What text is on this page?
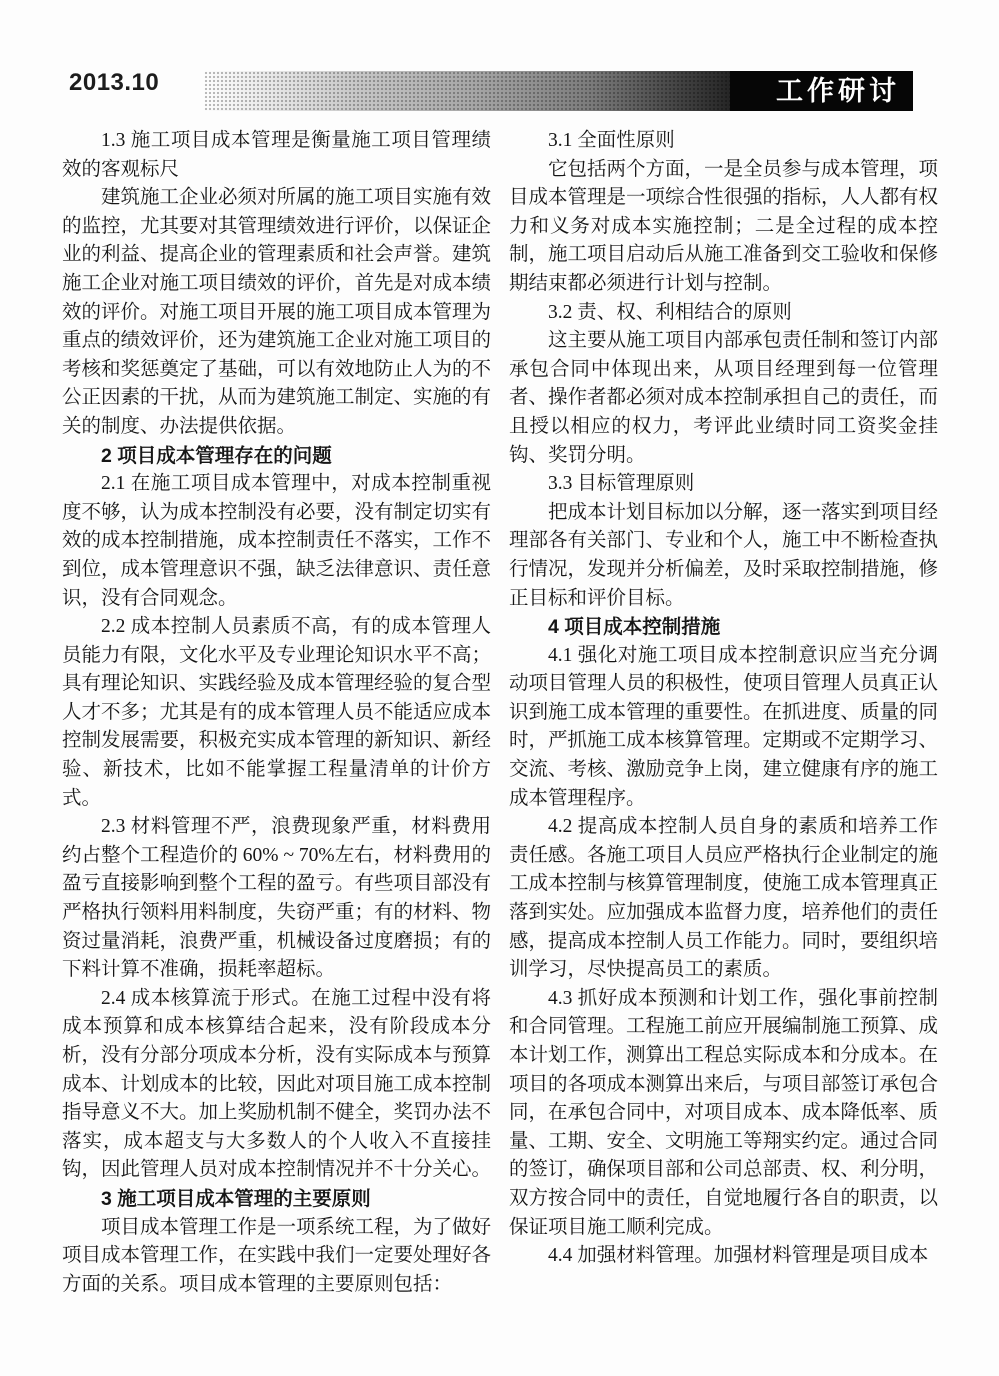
2013.10	工作研讨

1.3 施工项目成本管理是衡量施工项目管理绩效的客观标尺

建筑施工企业必须对所属的施工项目实施有效的监控，尤其要对其管理绩效进行评价，以保证企业的利益、提高企业的管理素质和社会声誉。建筑施工企业对施工项目绩效的评价，首先是对成本绩效的评价。对施工项目开展的施工项目成本管理为重点的绩效评价，还为建筑施工企业对施工项目的考核和奖惩奠定了基础，可以有效地防止人为的不公正因素的干扰，从而为建筑施工制定、实施的有关的制度、办法提供依据。

2 项目成本管理存在的问题

2.1 在施工项目成本管理中，对成本控制重视度不够，认为成本控制没有必要，没有制定切实有效的成本控制措施，成本控制责任不落实，工作不到位，成本管理意识不强，缺乏法律意识、责任意识，没有合同观念。

2.2 成本控制人员素质不高，有的成本管理人员能力有限，文化水平及专业理论知识水平不高；具有理论知识、实践经验及成本管理经验的复合型人才不多；尤其是有的成本管理人员不能适应成本控制发展需要，积极充实成本管理的新知识、新经验、新技术，比如不能掌握工程量清单的计价方式。

2.3 材料管理不严，浪费现象严重，材料费用约占整个工程造价的 60% ~ 70%左右，材料费用的盈亏直接影响到整个工程的盈亏。有些项目部没有严格执行领料用料制度，失窃严重；有的材料、物资过量消耗，浪费严重，机械设备过度磨损；有的下料计算不准确，损耗率超标。

2.4 成本核算流于形式。在施工过程中没有将成本预算和成本核算结合起来，没有阶段成本分析，没有分部分项成本分析，没有实际成本与预算成本、计划成本的比较，因此对项目施工成本控制指导意义不大。加上奖励机制不健全，奖罚办法不落实，成本超支与大多数人的个人收入不直接挂钩，因此管理人员对成本控制情况并不十分关心。

3 施工项目成本管理的主要原则

项目成本管理工作是一项系统工程，为了做好项目成本管理工作，在实践中我们一定要处理好各方面的关系。项目成本管理的主要原则包括：

3.1 全面性原则

它包括两个方面，一是全员参与成本管理，项目成本管理是一项综合性很强的指标，人人都有权力和义务对成本实施控制；二是全过程的成本控制，施工项目启动后从施工准备到交工验收和保修期结束都必须进行计划与控制。

3.2 责、权、利相结合的原则

这主要从施工项目内部承包责任制和签订内部承包合同中体现出来，从项目经理到每一位管理者、操作者都必须对成本控制承担自己的责任，而且授以相应的权力，考评此业绩时同工资奖金挂钩、奖罚分明。

3.3 目标管理原则

把成本计划目标加以分解，逐一落实到项目经理部各有关部门、专业和个人，施工中不断检查执行情况，发现并分析偏差，及时采取控制措施，修正目标和评价目标。

4 项目成本控制措施

4.1 强化对施工项目成本控制意识应当充分调动项目管理人员的积极性，使项目管理人员真正认识到施工成本管理的重要性。在抓进度、质量的同时，严抓施工成本核算管理。定期或不定期学习、交流、考核、激励竞争上岗，建立健康有序的施工成本管理程序。

4.2 提高成本控制人员自身的素质和培养工作责任感。各施工项目人员应严格执行企业制定的施工成本控制与核算管理制度，使施工成本管理真正落到实处。应加强成本监督力度，培养他们的责任感，提高成本控制人员工作能力。同时，要组织培训学习，尽快提高员工的素质。

4.3 抓好成本预测和计划工作，强化事前控制和合同管理。工程施工前应开展编制施工预算、成本计划工作，测算出工程总实际成本和分成本。在项目的各项成本测算出来后，与项目部签订承包合同，在承包合同中，对项目成本、成本降低率、质量、工期、安全、文明施工等翔实约定。通过合同的签订，确保项目部和公司总部责、权、利分明，双方按合同中的责任，自觉地履行各自的职责，以保证项目施工顺利完成。

4.4 加强材料管理。加强材料管理是项目成本
